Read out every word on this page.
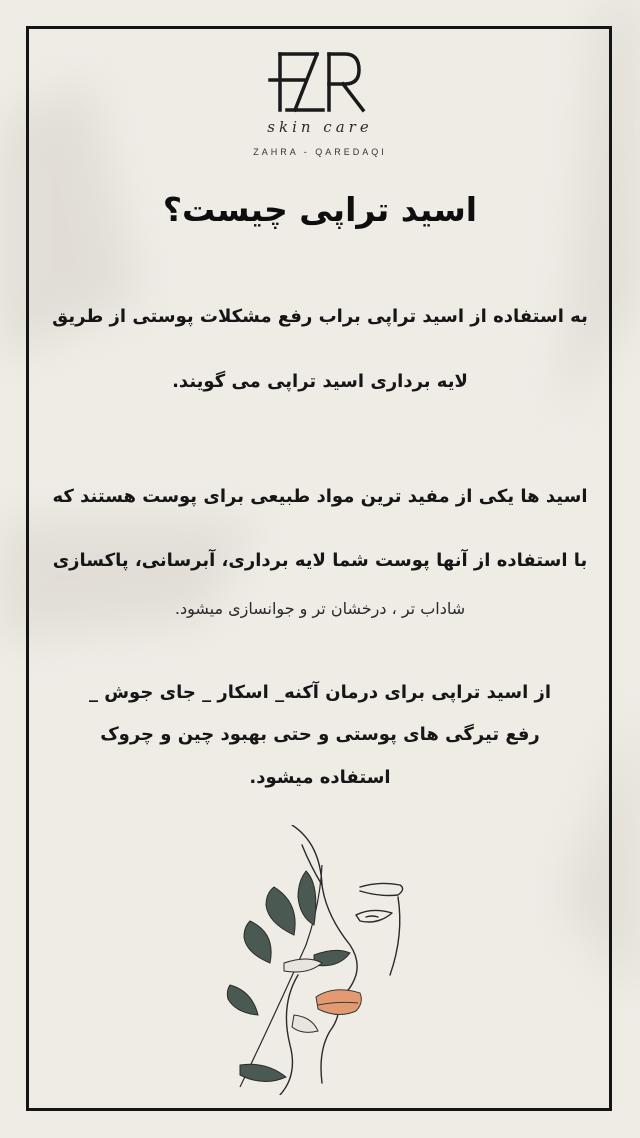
skin care
ZAHRA - QAREDAQI
اسید تراپی چیست؟
به استفاده از اسید تراپی براب رفع مشکلات پوستی از طریق
لایه برداری اسید تراپی می گویند.
اسید ها یکی از مفید ترین مواد طبیعی برای پوست هستند که
با استفاده از آنها پوست شما لایه برداری، آبرسانی، پاکسازی
شاداب تر ، درخشان تر و جوانسازی میشود.
از اسید تراپی برای درمان آکنه_ اسکار _ جای جوش _
رفع تیرگی های پوستی و حتی بهبود چین و چروک
استفاده میشود.
